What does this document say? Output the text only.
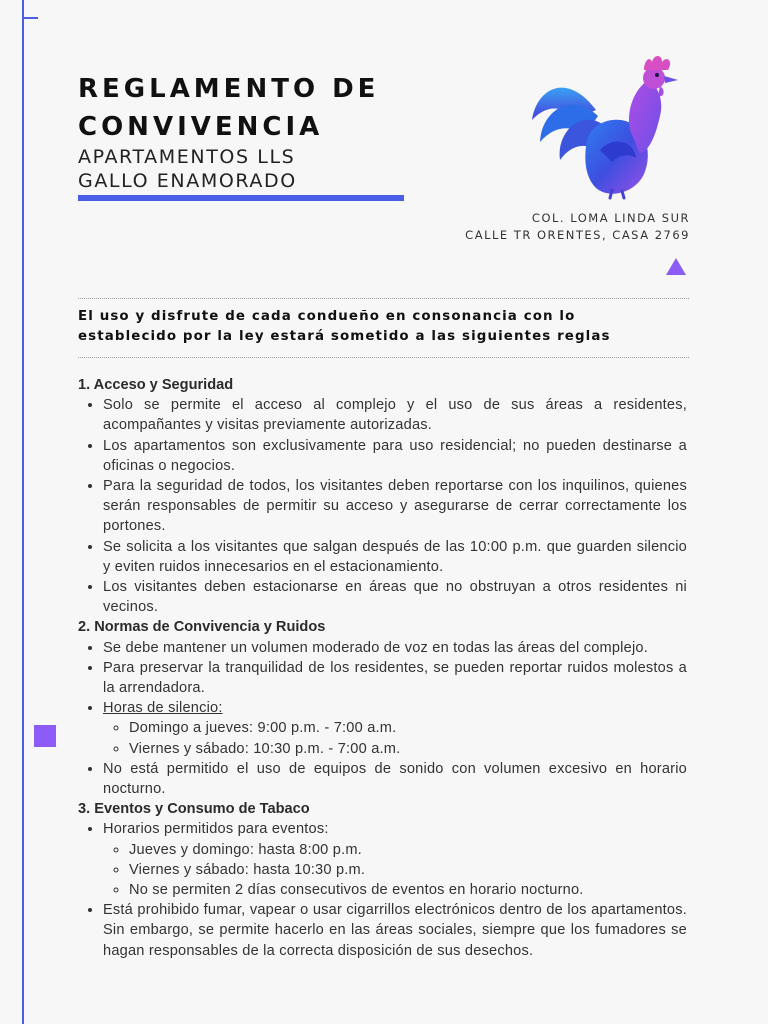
REGLAMENTO DE
CONVIVENCIA
APARTAMENTOS LLS
GALLO ENAMORADO
COL. LOMA LINDA SUR
CALLE TR ORENTES, CASA 2769
El uso y disfrute de cada condueño en consonancia con lo
establecido por la ley estará sometido a las siguientes reglas
1. Acceso y Seguridad
• Solo se permite el acceso al complejo y el uso de sus áreas a residentes, acompañantes y visitas previamente autorizadas.
• Los apartamentos son exclusivamente para uso residencial; no pueden destinarse a oficinas o negocios.
• Para la seguridad de todos, los visitantes deben reportarse con los inquilinos, quienes serán responsables de permitir su acceso y asegurarse de cerrar correctamente los portones.
• Se solicita a los visitantes que salgan después de las 10:00 p.m. que guarden silencio y eviten ruidos innecesarios en el estacionamiento.
• Los visitantes deben estacionarse en áreas que no obstruyan a otros residentes ni vecinos.
2. Normas de Convivencia y Ruidos
• Se debe mantener un volumen moderado de voz en todas las áreas del complejo.
• Para preservar la tranquilidad de los residentes, se pueden reportar ruidos molestos a la arrendadora.
• Horas de silencio:
◦ Domingo a jueves: 9:00 p.m. - 7:00 a.m.
◦ Viernes y sábado: 10:30 p.m. - 7:00 a.m.
• No está permitido el uso de equipos de sonido con volumen excesivo en horario nocturno.
3. Eventos y Consumo de Tabaco
• Horarios permitidos para eventos:
◦ Jueves y domingo: hasta 8:00 p.m.
◦ Viernes y sábado: hasta 10:30 p.m.
◦ No se permiten 2 días consecutivos de eventos en horario nocturno.
• Está prohibido fumar, vapear o usar cigarrillos electrónicos dentro de los apartamentos. Sin embargo, se permite hacerlo en las áreas sociales, siempre que los fumadores se hagan responsables de la correcta disposición de sus desechos.
